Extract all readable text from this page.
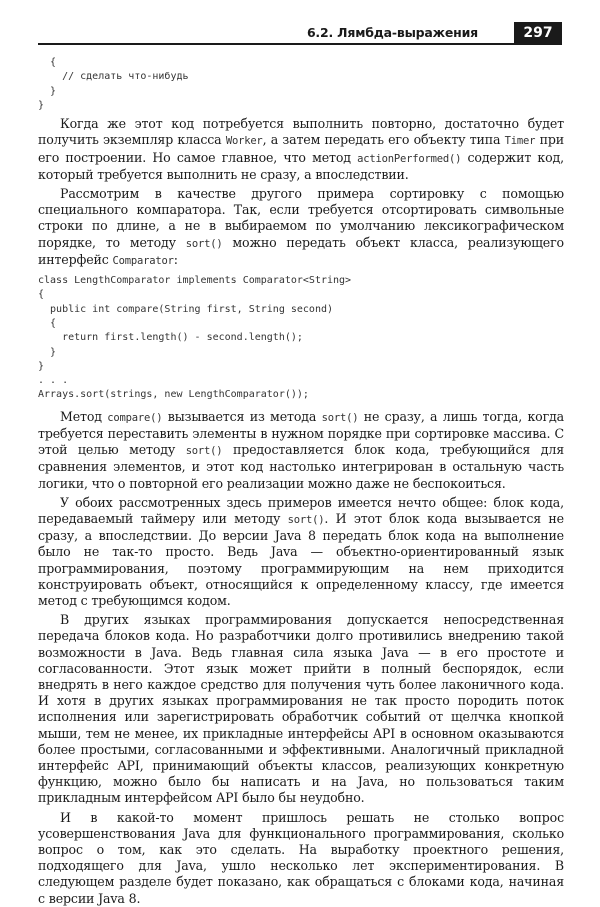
6.2. Лямбда-выражения	297
{
// сделать что-нибудь
}
}

Когда же этот код потребуется выполнить повторно, достаточно будет получить экземпляр класса Worker, а затем передать его объекту типа Timer при его построении. Но самое главное, что метод actionPerformed() содержит код, который требуется выполнить не сразу, а впоследствии.

Рассмотрим в качестве другого примера сортировку с помощью специального компаратора. Так, если требуется отсортировать символьные строки по длине, а не в выбираемом по умолчанию лексикографическом порядке, то методу sort() можно передать объект класса, реализующего интерфейс Comparator:

class LengthComparator implements Comparator<String>
{
public int compare(String first, String second)
{
return first.length() - second.length();
}
}
. . .
Arrays.sort(strings, new LengthComparator());

Метод compare() вызывается из метода sort() не сразу, а лишь тогда, когда требуется переставить элементы в нужном порядке при сортировке массива. С этой целью методу sort() предоставляется блок кода, требующийся для сравнения элементов, и этот код настолько интегрирован в остальную часть логики, что о повторной его реализации можно даже не беспокоиться.

У обоих рассмотренных здесь примеров имеется нечто общее: блок кода, передаваемый таймеру или методу sort(). И этот блок кода вызывается не сразу, а впоследствии. До версии Java 8 передать блок кода на выполнение было не так-то просто. Ведь Java — объектно-ориентированный язык программирования, поэтому программирующим на нем приходится конструировать объект, относящийся к определенному классу, где имеется метод с требующимся кодом.

В других языках программирования допускается непосредственная передача блоков кода. Но разработчики долго противились внедрению такой возможности в Java. Ведь главная сила языка Java — в его простоте и согласованности. Этот язык может прийти в полный беспорядок, если внедрять в него каждое средство для получения чуть более лаконичного кода. И хотя в других языках программирования не так просто породить поток исполнения или зарегистрировать обработчик событий от щелчка кнопкой мыши, тем не менее, их прикладные интерфейсы API в основном оказываются более простыми, согласованными и эффективными. Аналогичный прикладной интерфейс API, принимающий объекты классов, реализующих конкретную функцию, можно было бы написать и на Java, но пользоваться таким прикладным интерфейсом API было бы неудобно.

И в какой-то момент пришлось решать не столько вопрос усовершенствования Java для функционального программирования, сколько вопрос о том, как это сделать. На выработку проектного решения, подходящего для Java, ушло несколько лет экспериментирования. В следующем разделе будет показано, как обращаться с блоками кода, начиная с версии Java 8.
